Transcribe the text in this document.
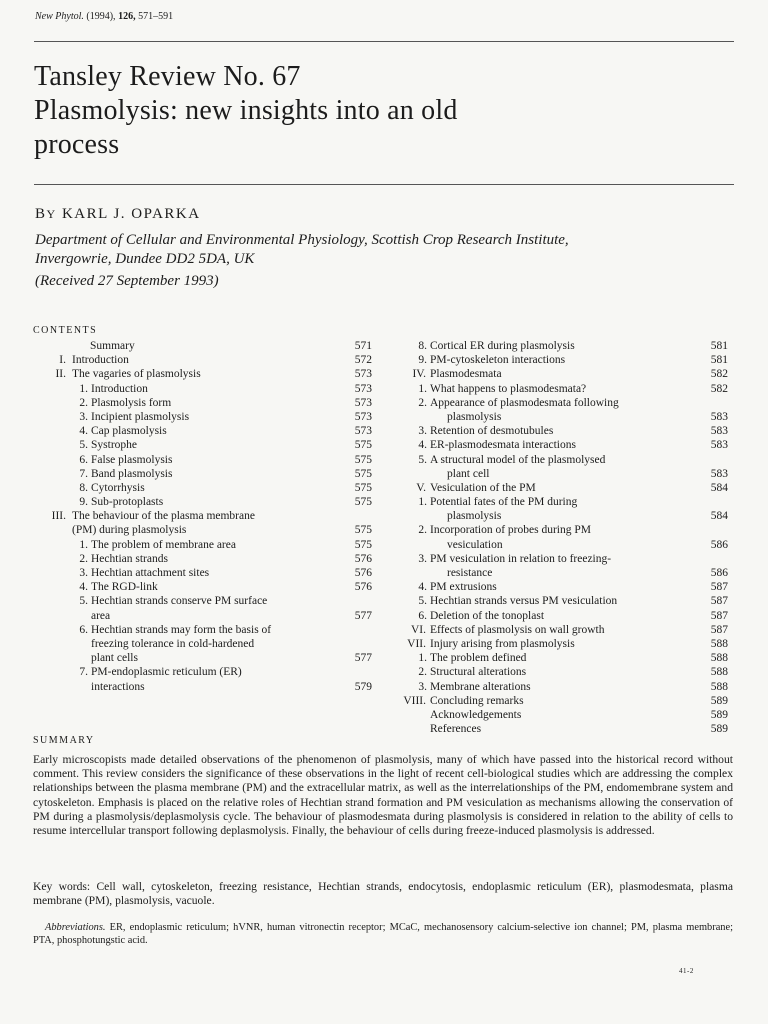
New Phytol. (1994), 126, 571–591
Tansley Review No. 67
Plasmolysis: new insights into an old
process
BY KARL J. OPARKA
Department of Cellular and Environmental Physiology, Scottish Crop Research Institute,
Invergowrie, Dundee DD2 5DA, UK
(Received 27 September 1993)
CONTENTS
Summary	571
I. Introduction	572
II. The vagaries of plasmolysis	573
1. Introduction	573
2. Plasmolysis form	573
3. Incipient plasmolysis	573
4. Cap plasmolysis	573
5. Systrophe	575
6. False plasmolysis	575
7. Band plasmolysis	575
8. Cytorrhysis	575
9. Sub-protoplasts	575
III. The behaviour of the plasma membrane
(PM) during plasmolysis	575
1. The problem of membrane area	575
2. Hechtian strands	576
3. Hechtian attachment sites	576
4. The RGD-link	576
5. Hechtian strands conserve PM surface
area	577
6. Hechtian strands may form the basis of
freezing tolerance in cold-hardened
plant cells	577
7. PM-endoplasmic reticulum (ER)
interactions	579
8. Cortical ER during plasmolysis	581
9. PM-cytoskeleton interactions	581
IV. Plasmodesmata	582
1. What happens to plasmodesmata?	582
2. Appearance of plasmodesmata following
plasmolysis	583
3. Retention of desmotubules	583
4. ER-plasmodesmata interactions	583
5. A structural model of the plasmolysed
plant cell	583
V. Vesiculation of the PM	584
1. Potential fates of the PM during
plasmolysis	584
2. Incorporation of probes during PM
vesiculation	586
3. PM vesiculation in relation to freezing-
resistance	586
4. PM extrusions	587
5. Hechtian strands versus PM vesiculation	587
6. Deletion of the tonoplast	587
VI. Effects of plasmolysis on wall growth	587
VII. Injury arising from plasmolysis	588
1. The problem defined	588
2. Structural alterations	588
3. Membrane alterations	588
VIII. Concluding remarks	589
Acknowledgements	589
References	589
SUMMARY
Early microscopists made detailed observations of the phenomenon of plasmolysis, many of which have passed into the historical record without comment. This review considers the significance of these observations in the light of recent cell-biological studies which are addressing the complex relationships between the plasma membrane (PM) and the extracellular matrix, as well as the interrelationships of the PM, endomembrane system and cytoskeleton. Emphasis is placed on the relative roles of Hechtian strand formation and PM vesiculation as mechanisms allowing the conservation of PM during a plasmolysis/deplasmolysis cycle. The behaviour of plasmodesmata during plasmolysis is considered in relation to the ability of cells to resume intercellular transport following deplasmolysis. Finally, the behaviour of cells during freeze-induced plasmolysis is addressed.
Key words: Cell wall, cytoskeleton, freezing resistance, Hechtian strands, endocytosis, endoplasmic reticulum (ER), plasmodesmata, plasma membrane (PM), plasmolysis, vacuole.
Abbreviations. ER, endoplasmic reticulum; hVNR, human vitronectin receptor; MCaC, mechanosensory calcium-selective ion channel; PM, plasma membrane; PTA, phosphotungstic acid.
41-2
